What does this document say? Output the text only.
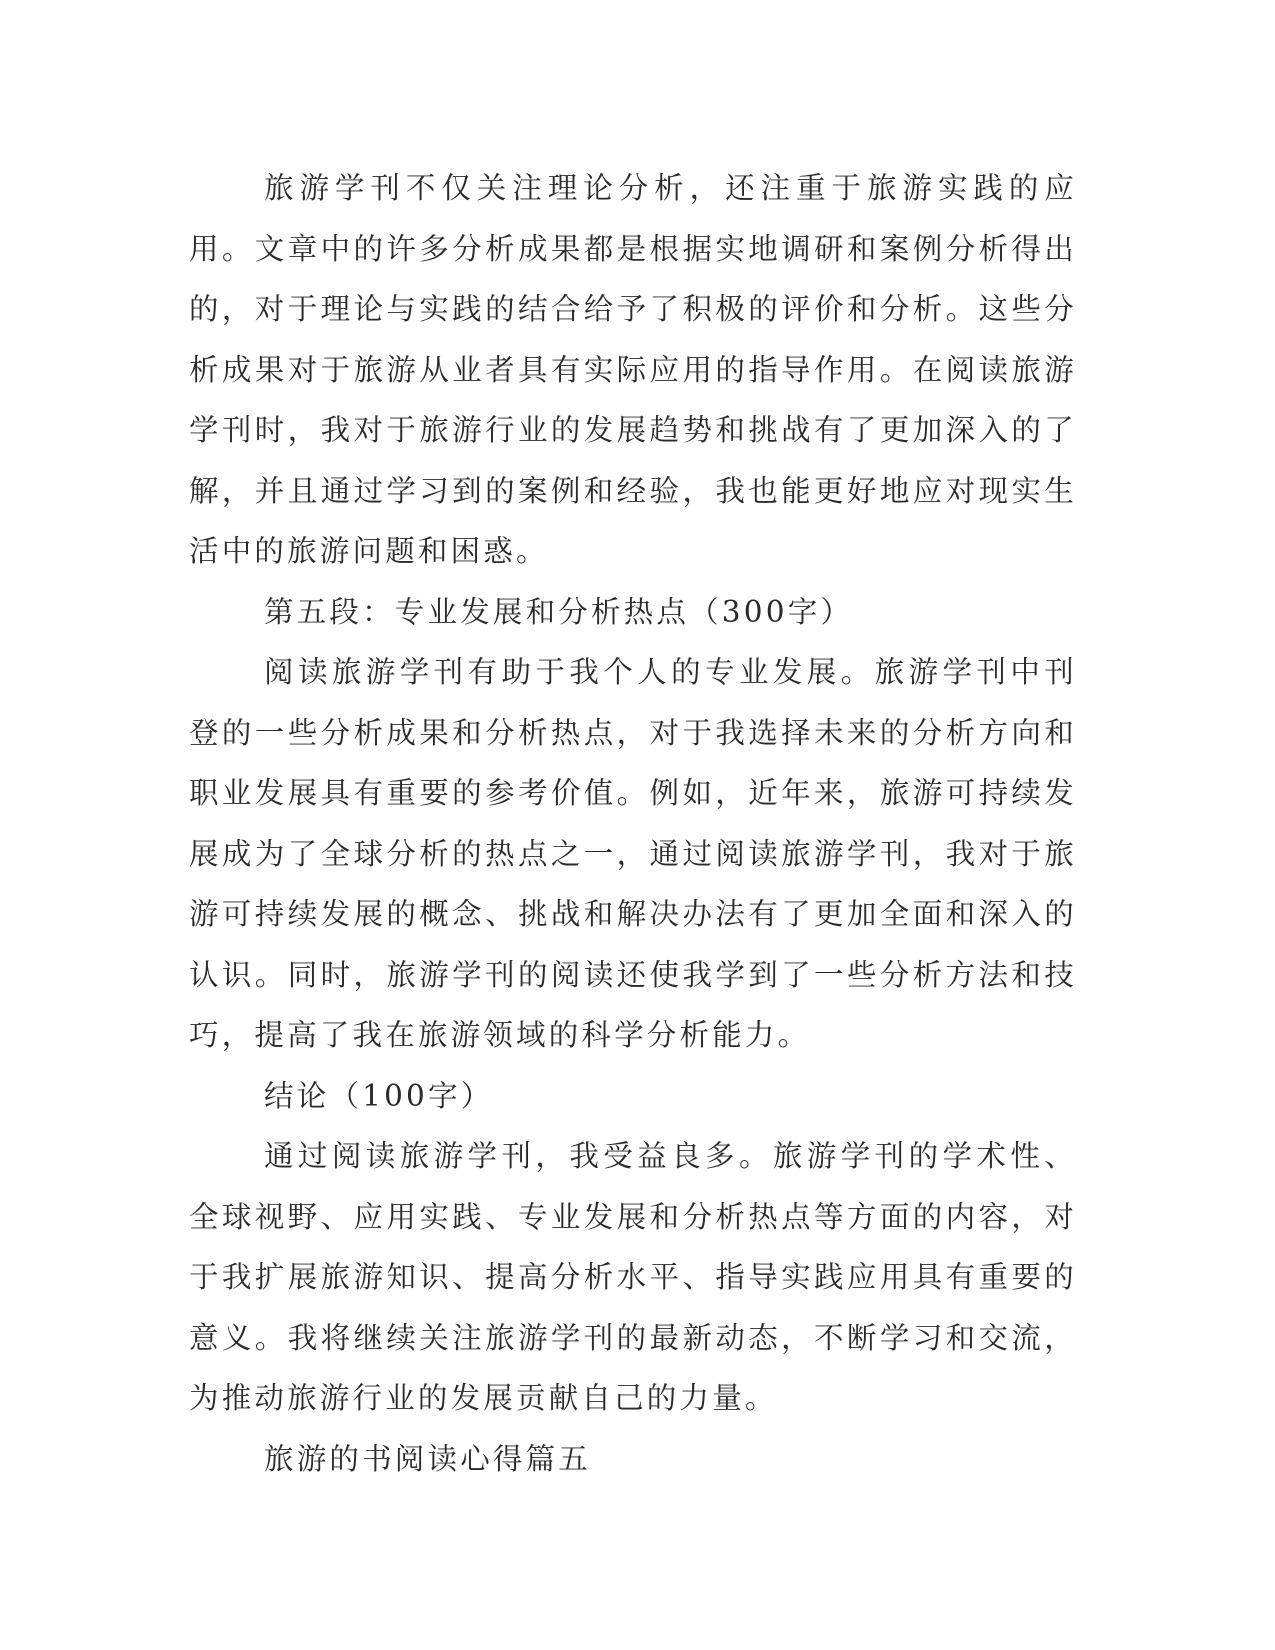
旅游学刊不仅关注理论分析，还注重于旅游实践的应用。文章中的许多分析成果都是根据实地调研和案例分析得出的，对于理论与实践的结合给予了积极的评价和分析。这些分析成果对于旅游从业者具有实际应用的指导作用。在阅读旅游学刊时，我对于旅游行业的发展趋势和挑战有了更加深入的了解，并且通过学习到的案例和经验，我也能更好地应对现实生活中的旅游问题和困惑。

第五段：专业发展和分析热点（300字）

阅读旅游学刊有助于我个人的专业发展。旅游学刊中刊登的一些分析成果和分析热点，对于我选择未来的分析方向和职业发展具有重要的参考价值。例如，近年来，旅游可持续发展成为了全球分析的热点之一，通过阅读旅游学刊，我对于旅游可持续发展的概念、挑战和解决办法有了更加全面和深入的认识。同时，旅游学刊的阅读还使我学到了一些分析方法和技巧，提高了我在旅游领域的科学分析能力。

结论（100字）

通过阅读旅游学刊，我受益良多。旅游学刊的学术性、全球视野、应用实践、专业发展和分析热点等方面的内容，对于我扩展旅游知识、提高分析水平、指导实践应用具有重要的意义。我将继续关注旅游学刊的最新动态，不断学习和交流，为推动旅游行业的发展贡献自己的力量。

旅游的书阅读心得篇五
